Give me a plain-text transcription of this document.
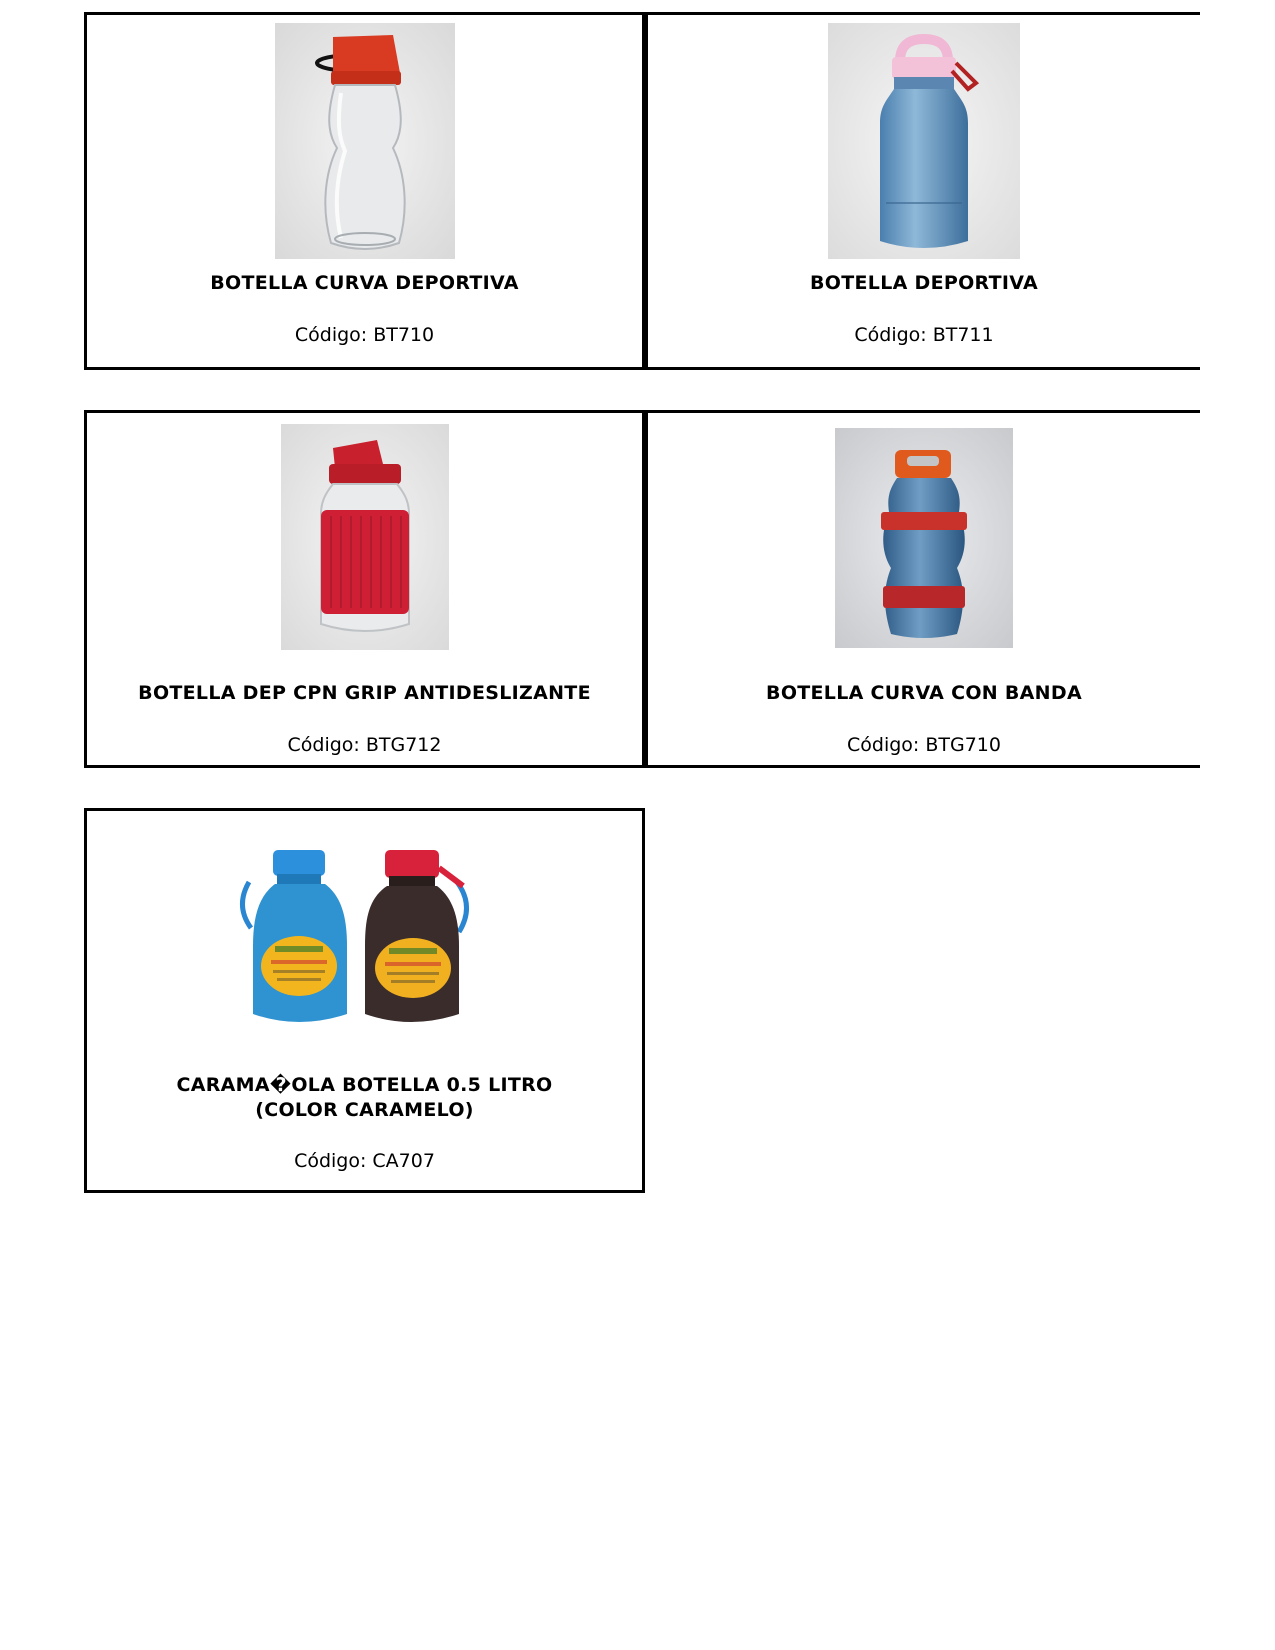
BOTELLA CURVA DEPORTIVA
Código: BT710
BOTELLA DEPORTIVA
Código: BT711
BOTELLA DEP CPN GRIP ANTIDESLIZANTE
Código: BTG712
BOTELLA CURVA CON BANDA
Código: BTG710
CARAMA�OLA BOTELLA 0.5 LITRO (COLOR CARAMELO)
Código: CA707
